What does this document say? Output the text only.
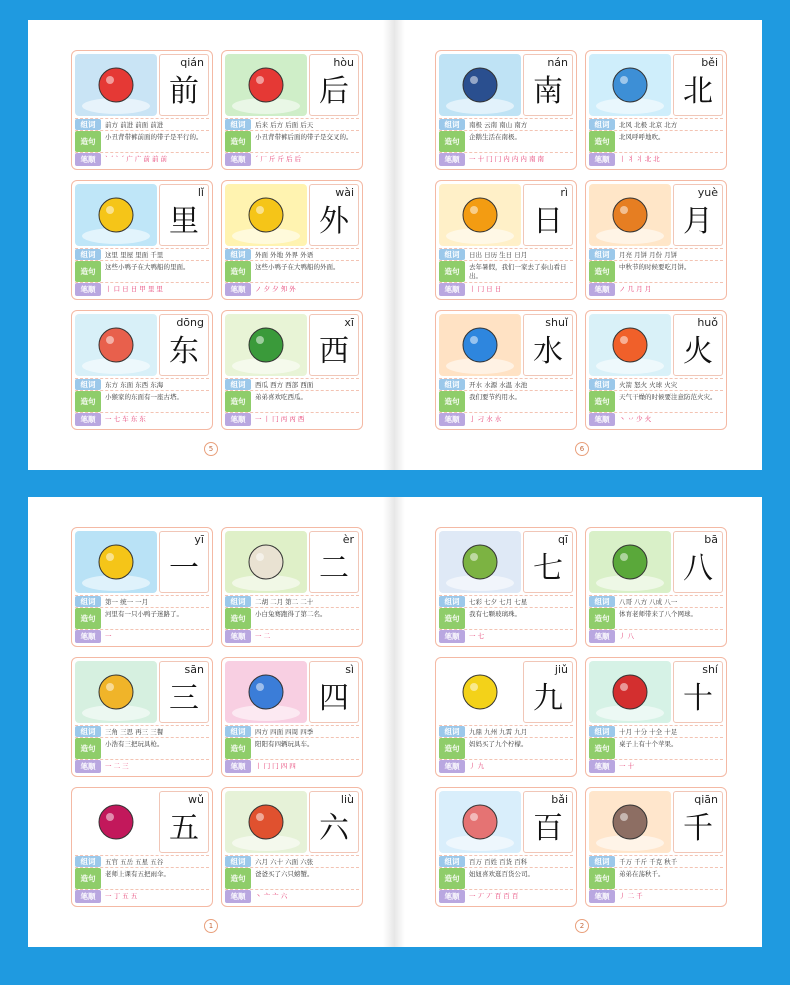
qián
前
组词	前方 前进 前面 前进
造句	小丑背带裤前面的带子是平行的。
笔顺	` ´ ` ´ 广 广 前 前 前
hòu
后
组词	后来 后方 后面 后天
造句	小丑背带裤后面的带子是交叉的。
笔顺	´ 厂 斤 斤 后 后
lǐ
里
组词	这里 里屋 里面 千里
造句	这些小鸭子在大鸭船的里面。
笔顺	丨 口 日 日 甲 里 里
wài
外
组词	外面 外地 外界 外语
造句	这些小鸭子在大鸭船的外面。
笔顺	ノ 夕 夕 夘 外
dōng
东
组词	东方 东面 东西 东海
造句	小猴家的东面有一座古塔。
笔顺	一 七 车 东 东
xī
西
组词	西瓜 西方 西部 西面
造句	弟弟喜欢吃西瓜。
笔顺	一 丨 冂 丙 丙 西
5
nán
南
组词	南极 云南 南山 南方
造句	企鹅生活在南极。
笔顺	一 十 冂 冂 内 内 内 南 南
běi
北
组词	北风 北极 北京 北方
造句	北风呼呼地吹。
笔顺	丨 丬 丬 北 北
rì
日
组词	日出 日历 生日 日月
造句	去年暑假，我们一家去了泰山看日出。
笔顺	丨 冂 日 日
yuè
月
组词	月亮 月饼 月份 月饼
造句	中秋节的时候要吃月饼。
笔顺	ノ 几 月 月
shuǐ
水
组词	开水 水源 水温 水池
造句	我们要节约用水。
笔顺	亅 刁 水 水
huǒ
火
组词	火箭 怒火 火球 火灾
造句	天气干燥的时候要注意防范火灾。
笔顺	丶 丷 少 火
6
yī
一
组词	第一 统一 一月
造句	河里有一只小鸭子迷路了。
笔顺	一
èr
二
组词	二胡 二月 第二 二十
造句	小白兔赛跑得了第二名。
笔顺	一 二
sān
三
组词	三角 三思 再三 三餐
造句	小浩有三把玩具枪。
笔顺	一 二 三
sì
四
组词	四方 四面 四周 四季
造句	阳阳有四辆玩具车。
笔顺	丨 冂 冂 四 四
wǔ
五
组词	五官 五岳 五星 五谷
造句	老师上课有五把雨伞。
笔顺	一 丁 五 五
liù
六
组词	六月 六十 六面 六张
造句	爸爸买了六只螃蟹。
笔顺	丶 亠 亠 六
1
qī
七
组词	七彩 七夕 七月 七星
造句	我有七颗玻璃珠。
笔顺	一 七
bā
八
组词	八哥 八方 八成 八一
造句	体育老师带来了八个网球。
笔顺	丿 八
jiǔ
九
组词	九鼎 九州 九霄 九月
造句	妈妈买了九个柠檬。
笔顺	丿 九
shí
十
组词	十月 十分 十全 十足
造句	桌子上有十个苹果。
笔顺	一 十
bǎi
百
组词	百万 百姓 百货 百科
造句	妞妞喜欢逛百货公司。
笔顺	一 丆 丆 百 百 百
qiān
千
组词	千万 千斤 千克 秋千
造句	弟弟在荡秋千。
笔顺	丿 二 千
2
